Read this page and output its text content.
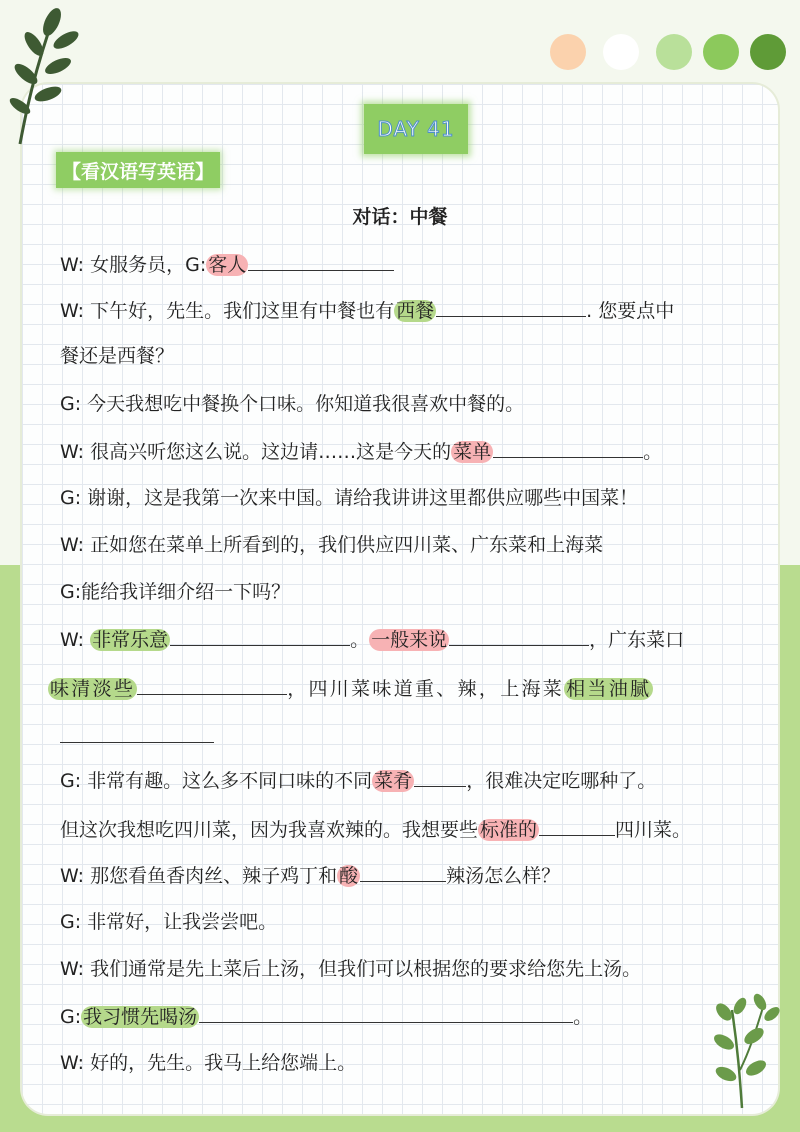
DAY 41
【看汉语写英语】
对话：中餐
W: 女服务员，G: 客人
W: 下午好，先生。我们这里有中餐也有 西餐	. 您要点中
餐还是西餐？
G: 今天我想吃中餐换个口味。你知道我很喜欢中餐的。
W: 很高兴听您这么说。这边请……这是今天的 菜单	。
G: 谢谢，这是我第一次来中国。请给我讲讲这里都供应哪些中国菜！
W: 正如您在菜单上所看到的，我们供应四川菜、广东菜和上海菜
G:能给我详细介绍一下吗？
W: 非常乐意	。 一般来说	，广东菜口
味清淡些	，四川菜味道重、辣，上海菜 相当油腻
G: 非常有趣。这么多不同口味的不同 菜肴	，很难决定吃哪种了。
但这次我想吃四川菜，因为我喜欢辣的。我想要些 标准的	四川菜。
W: 那您看鱼香肉丝、辣子鸡丁和 酸	辣汤怎么样？
G: 非常好，让我尝尝吧。
W: 我们通常是先上菜后上汤，但我们可以根据您的要求给您先上汤。
G: 我习惯先喝汤	。
W: 好的，先生。我马上给您端上。
